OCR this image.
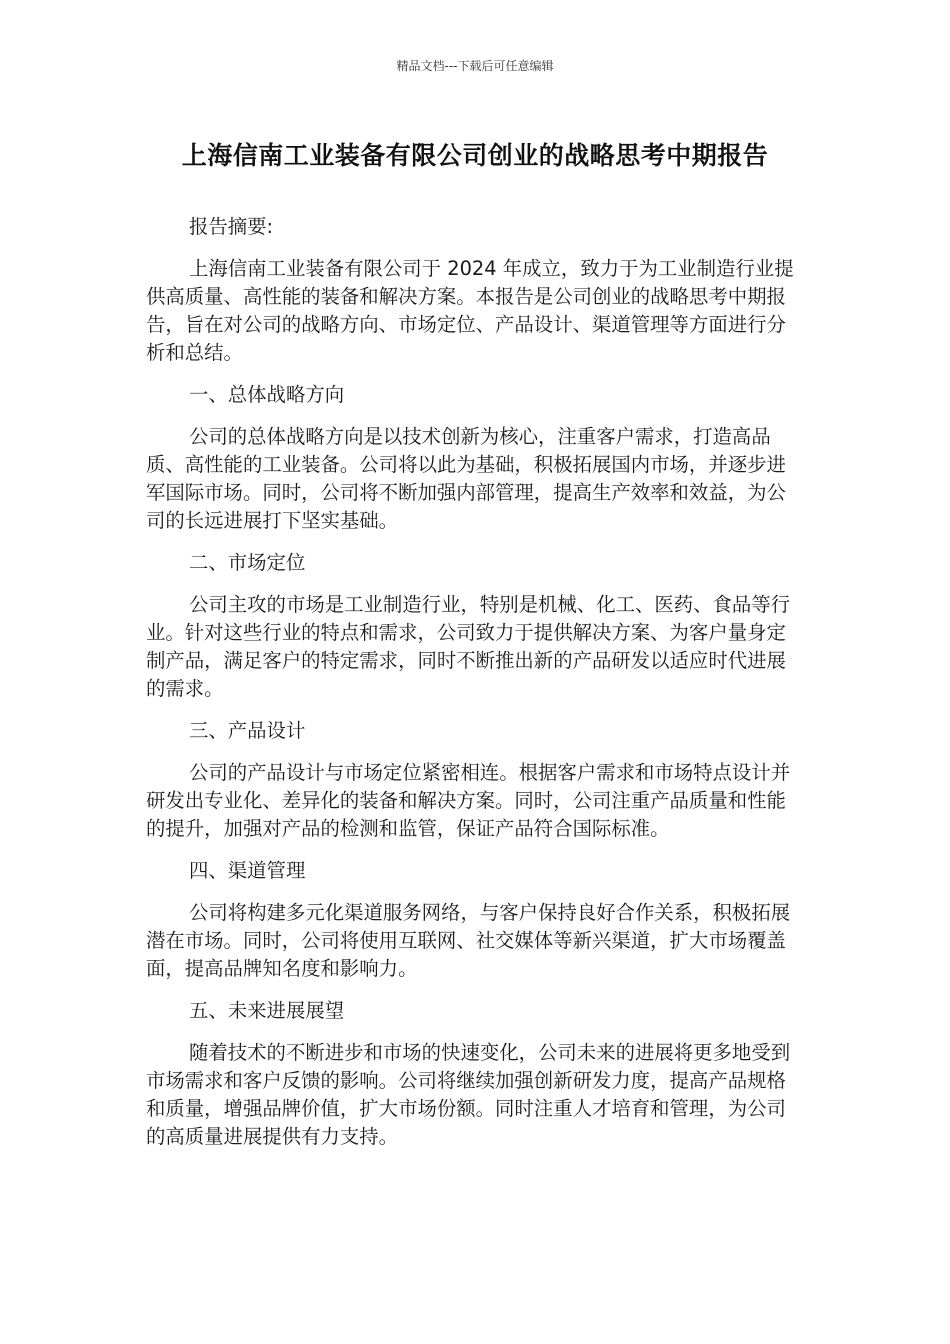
精品文档---下载后可任意编辑
上海信南工业装备有限公司创业的战略思考中期报告

报告摘要:

上海信南工业装备有限公司于 2024 年成立，致力于为工业制造行业提供高质量、高性能的装备和解决方案。本报告是公司创业的战略思考中期报告，旨在对公司的战略方向、市场定位、产品设计、渠道管理等方面进行分析和总结。

一、总体战略方向

公司的总体战略方向是以技术创新为核心，注重客户需求，打造高品质、高性能的工业装备。公司将以此为基础，积极拓展国内市场，并逐步进军国际市场。同时，公司将不断加强内部管理，提高生产效率和效益，为公司的长远进展打下坚实基础。

二、市场定位

公司主攻的市场是工业制造行业，特别是机械、化工、医药、食品等行业。针对这些行业的特点和需求，公司致力于提供解决方案、为客户量身定制产品，满足客户的特定需求，同时不断推出新的产品研发以适应时代进展的需求。

三、产品设计

公司的产品设计与市场定位紧密相连。根据客户需求和市场特点设计并研发出专业化、差异化的装备和解决方案。同时，公司注重产品质量和性能的提升，加强对产品的检测和监管，保证产品符合国际标准。

四、渠道管理

公司将构建多元化渠道服务网络，与客户保持良好合作关系，积极拓展潜在市场。同时，公司将使用互联网、社交媒体等新兴渠道，扩大市场覆盖面，提高品牌知名度和影响力。

五、未来进展展望

随着技术的不断进步和市场的快速变化，公司未来的进展将更多地受到市场需求和客户反馈的影响。公司将继续加强创新研发力度，提高产品规格和质量，增强品牌价值，扩大市场份额。同时注重人才培育和管理，为公司的高质量进展提供有力支持。
